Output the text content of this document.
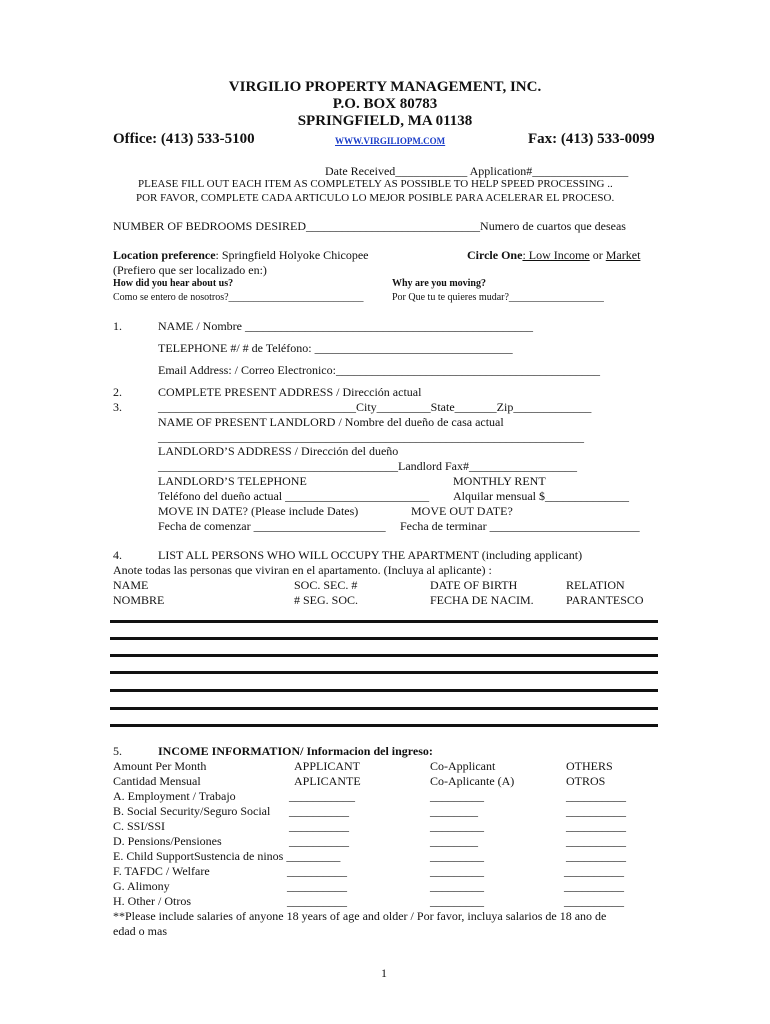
VIRGILIO PROPERTY MANAGEMENT, INC.
P.O. BOX 80783
SPRINGFIELD, MA 01138
Office: (413) 533-5100	WWW.VIRGILIOPM.COM	Fax: (413) 533-0099
Date Received____________ Application#________________
PLEASE FILL OUT EACH ITEM AS COMPLETELY AS POSSIBLE TO HELP SPEED PROCESSING ..
POR FAVOR, COMPLETE CADA ARTICULO LO MEJOR POSIBLE PARA ACELERAR EL PROCESO.
NUMBER OF BEDROOMS DESIRED_____________________________Numero de cuartos que deseas
Location preference: Springfield Holyoke Chicopee	Circle One: Low Income or Market
(Prefiero que ser localizado en:)
How did you hear about us?
Como se entero de nosotros?___________________________
Why are you moving?
Por Que tu te quieres mudar?___________________
1.	NAME / Nombre ________________________________________________
TELEPHONE #/ # de Teléfono: _________________________________
Email Address: / Correo Electronico:____________________________________________
2.	COMPLETE PRESENT ADDRESS / Dirección actual
3.	_________________________________City_________State_______Zip_____________
NAME OF PRESENT LANDLORD / Nombre del dueño de casa actual
_______________________________________________________________________
LANDLORD’S ADDRESS / Dirección del dueño
________________________________________Landlord Fax#__________________
LANDLORD’S TELEPHONE	MONTHLY RENT
Teléfono del dueño actual ________________________ Alquilar mensual $______________
MOVE IN DATE? (Please include Dates)	MOVE OUT DATE?
Fecha de comenzar ______________________ Fecha de terminar _________________________
4.	LIST ALL PERSONS WHO WILL OCCUPY THE APARTMENT (including applicant)
Anote todas las personas que viviran en el apartamento. (Incluya al aplicante) :
NAME	SOC. SEC. #	DATE OF BIRTH	RELATION
NOMBRE	# SEG. SOC.	FECHA DE NACIM.	PARANTESCO
5.	INCOME INFORMATION/ Informacion del ingreso:
Amount Per Month	APPLICANT	Co-Applicant	OTHERS
Cantidad Mensual	APLICANTE	Co-Aplicante (A)	OTROS
A. Employment / Trabajo	___________	_________	__________
B. Social Security/Seguro Social __________	________	__________
C. SSI/SSI	__________	_________	__________
D. Pensions/Pensiones	__________	________	__________
E. Child SupportSustencia de ninos _________	_________	__________
F. TAFDC / Welfare	__________	_________	__________
G. Alimony	__________	_________	__________
H. Other / Otros	__________	_________	__________
**Please include salaries of anyone 18 years of age and older / Por favor, incluya salarios de 18 ano de
edad o mas
1
